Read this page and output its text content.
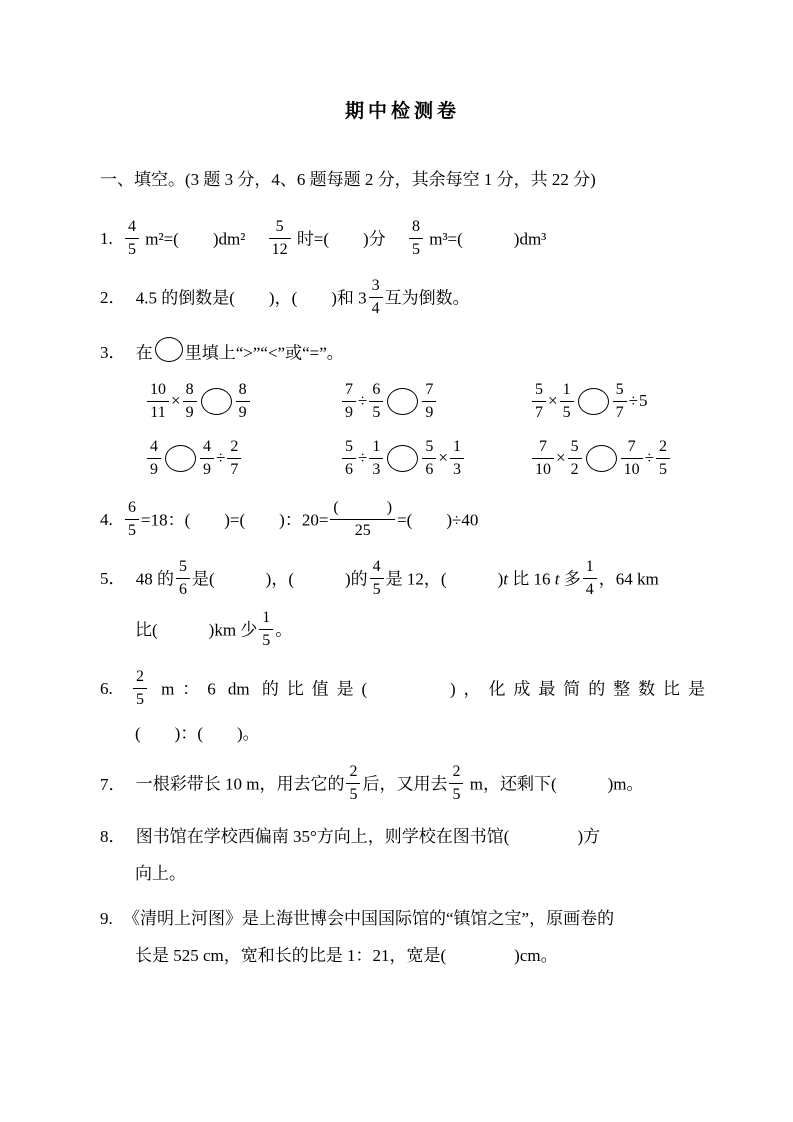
期中检测卷
一、填空。(3 题 3 分，4、6 题每题 2 分，其余每空 1 分，共 22 分)
1. $\frac{4}{5} m^2=$(　　)dm²　 $\frac{5}{12}$ 时=(　　)分　 $\frac{8}{5} m^3=$(　　　)dm³
2． 4.5 的倒数是(　　)，(　　)和 $3 \frac{3}{4}$ 互为倒数。
3． 在 里填上“>”“<”或“=”。
$\frac{10}{11} \times \frac{8}{9} \frac{8}{9}$	$\frac{7}{9} \div \frac{6}{5} \frac{7}{9}$	$\frac{5}{7} \times \frac{1}{5} \frac{5}{7} \div 5$
$\frac{4}{9} \frac{4}{9} \div \frac{2}{7}$	$\frac{5}{6} \div \frac{1}{3} \frac{5}{6} \times \frac{1}{3}$	$\frac{7}{10} \times \frac{5}{2} \frac{7}{10} \div \frac{2}{5}$
4. $\frac{6}{5} =18$：(　　)=(　　)：$20= \frac{( )}{25}$ =(　　)÷40
5． 48 的 $\frac{5}{6}$ 是(　　　)，(　　　)的 $\frac{4}{5}$ 是 12，(　　　)t 比 16 t 多 $\frac{1}{4}$ ，64 km
比(　　　)km 少 $\frac{1}{5}$ 。
6. $\frac{2}{5}$ m：6 dm 的比值是(　　　)，化成最简的整数比是
(　　)：(　　)。
7． 一根彩带长 10 m，用去它的 $\frac{2}{5}$ 后，又用去 $\frac{2}{5}$ m，还剩下(　　　)m。
8． 图书馆在学校西偏南 35°方向上，则学校在图书馆(　　　　)方
向上。
9. 《清明上河图》是上海世博会中国国际馆的“镇馆之宝”，原画卷的
长是 525 cm，宽和长的比是 1：21，宽是(　　　　)cm。
